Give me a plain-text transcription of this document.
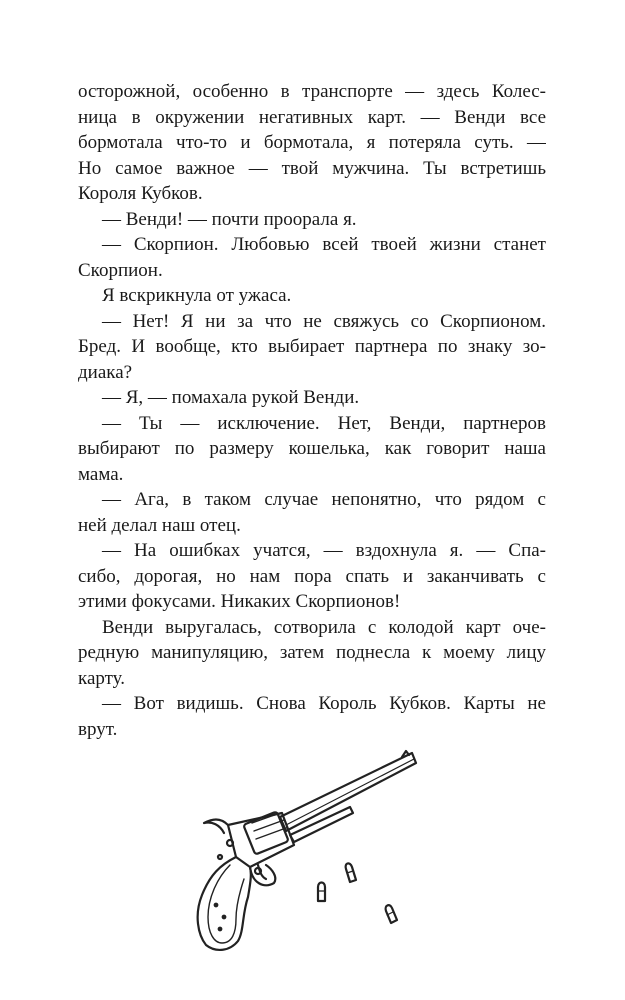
осторожной, особенно в транспорте — здесь Колес-
ница в окружении негативных карт. — Венди все
бормотала что-то и бормотала, я потеряла суть. —
Но самое важное — твой мужчина. Ты встретишь
Короля Кубков.
— Венди! — почти проорала я.
— Скорпион. Любовью всей твоей жизни станет
Скорпион.
Я вскрикнула от ужаса.
— Нет! Я ни за что не свяжусь со Скорпионом.
Бред. И вообще, кто выбирает партнера по знаку зо-
диака?
— Я, — помахала рукой Венди.
— Ты — исключение. Нет, Венди, партнеров
выбирают по размеру кошелька, как говорит наша
мама.
— Ага, в таком случае непонятно, что рядом с
ней делал наш отец.
— На ошибках учатся, — вздохнула я. — Спа-
сибо, дорогая, но нам пора спать и заканчивать с
этими фокусами. Никаких Скорпионов!
Венди выругалась, сотворила с колодой карт оче-
редную манипуляцию, затем поднесла к моему лицу
карту.
— Вот видишь. Снова Король Кубков. Карты не
врут.
